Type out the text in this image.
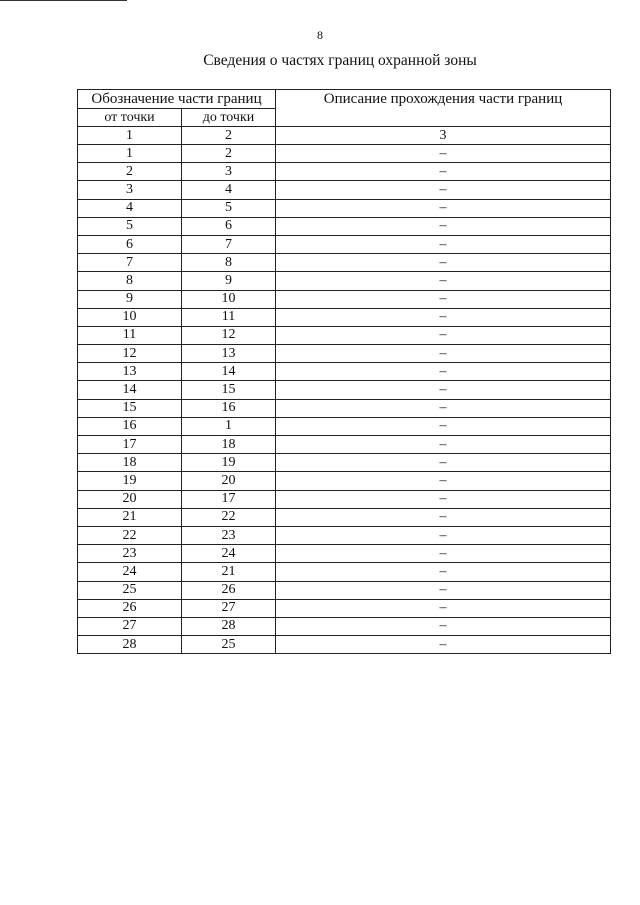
8
Сведения о частях границ охранной зоны
Обозначение части границ		Описание прохождения части границ
от точки	до точки	
1	2	3
1	2	–
2	3	–
3	4	–
4	5	–
5	6	–
6	7	–
7	8	–
8	9	–
9	10	–
10	11	–
11	12	–
12	13	–
13	14	–
14	15	–
15	16	–
16	1	–
17	18	–
18	19	–
19	20	–
20	17	–
21	22	–
22	23	–
23	24	–
24	21	–
25	26	–
26	27	–
27	28	–
28	25	–
